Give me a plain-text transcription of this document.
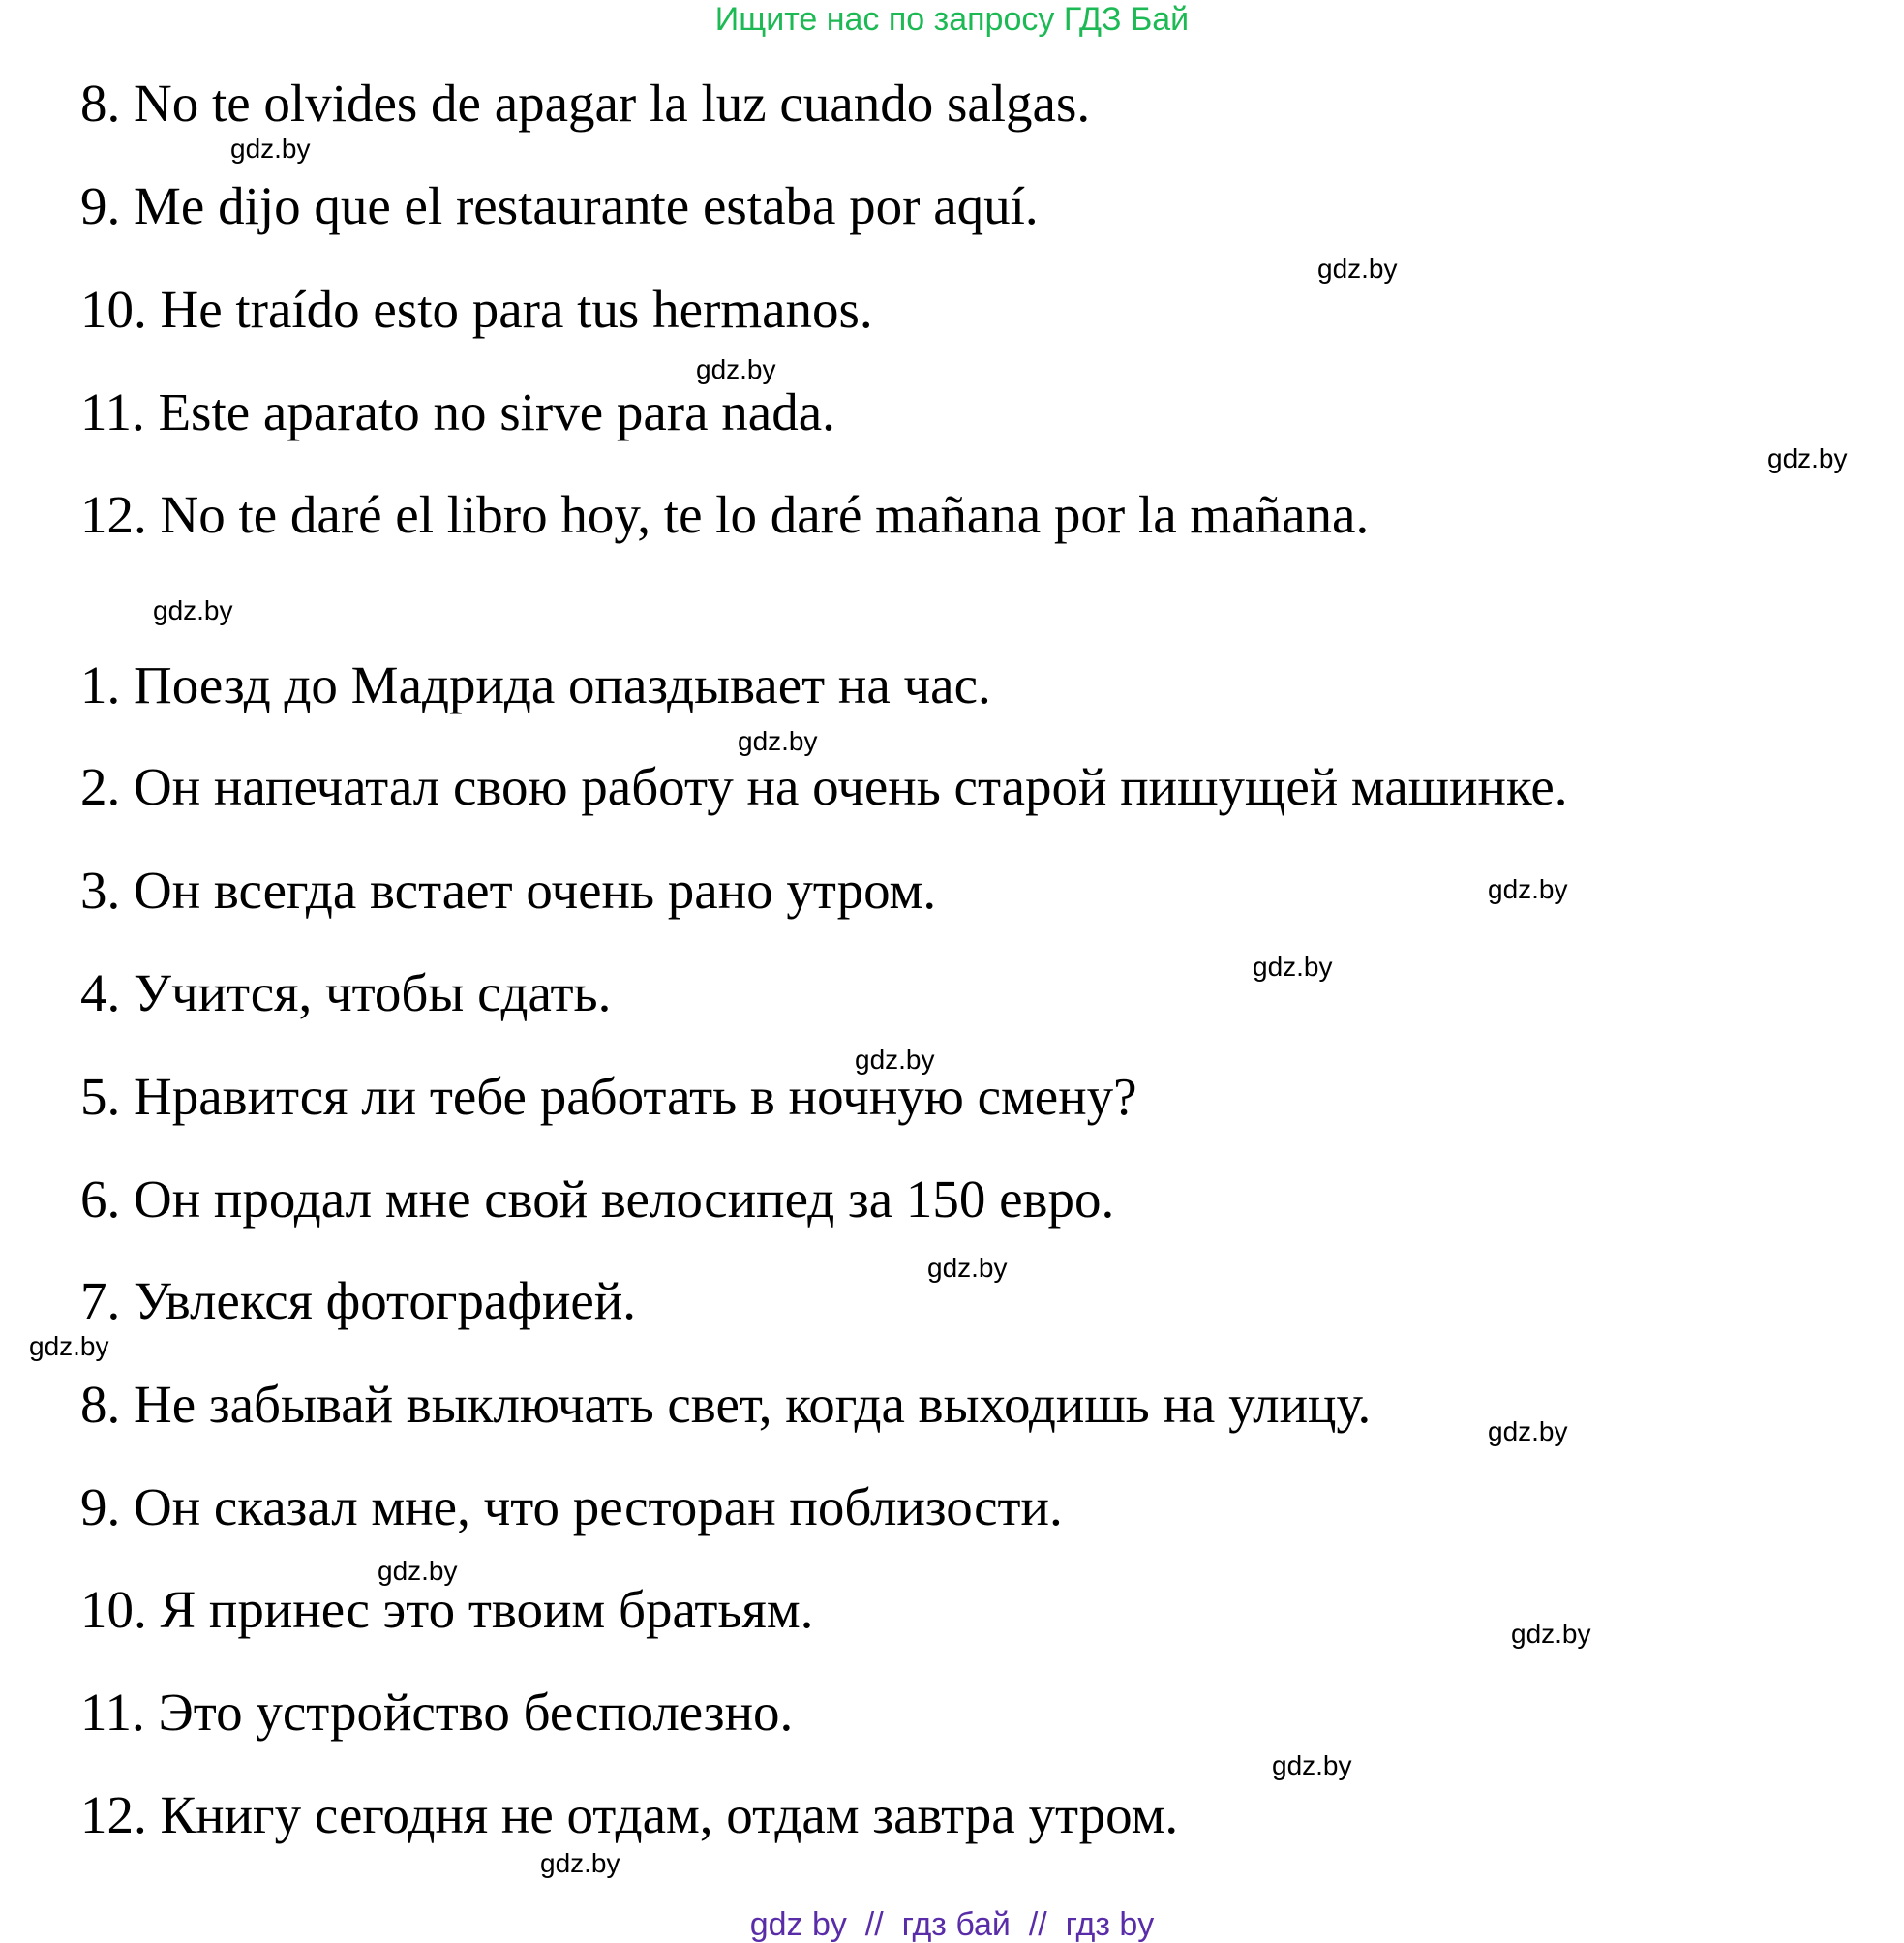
Ищите нас по запросу ГДЗ Бай
8. No te olvides de apagar la luz cuando salgas.
9. Me dijo que el restaurante estaba por aquí.
10. He traído esto para tus hermanos.
11. Este aparato no sirve para nada.
12. No te daré el libro hoy, te lo daré mañana por la mañana.
1. Поезд до Мадрида опаздывает на час.
2. Он напечатал свою работу на очень старой пишущей машинке.
3. Он всегда встает очень рано утром.
4. Учится, чтобы сдать.
5. Нравится ли тебе работать в ночную смену?
6. Он продал мне свой велосипед за 150 евро.
7. Увлекся фотографией.
8. Не забывай выключать свет, когда выходишь на улицу.
9. Он сказал мне, что ресторан поблизости.
10. Я принес это твоим братьям.
11. Это устройство бесполезно.
12. Книгу сегодня не отдам, отдам завтра утром.
gdz.by
gdz.by
gdz.by
gdz.by
gdz.by
gdz.by
gdz.by
gdz.by
gdz.by
gdz.by
gdz.by
gdz.by
gdz.by
gdz.by
gdz.by
gdz.by
gdz by  //  гдз бай  //  гдз by
